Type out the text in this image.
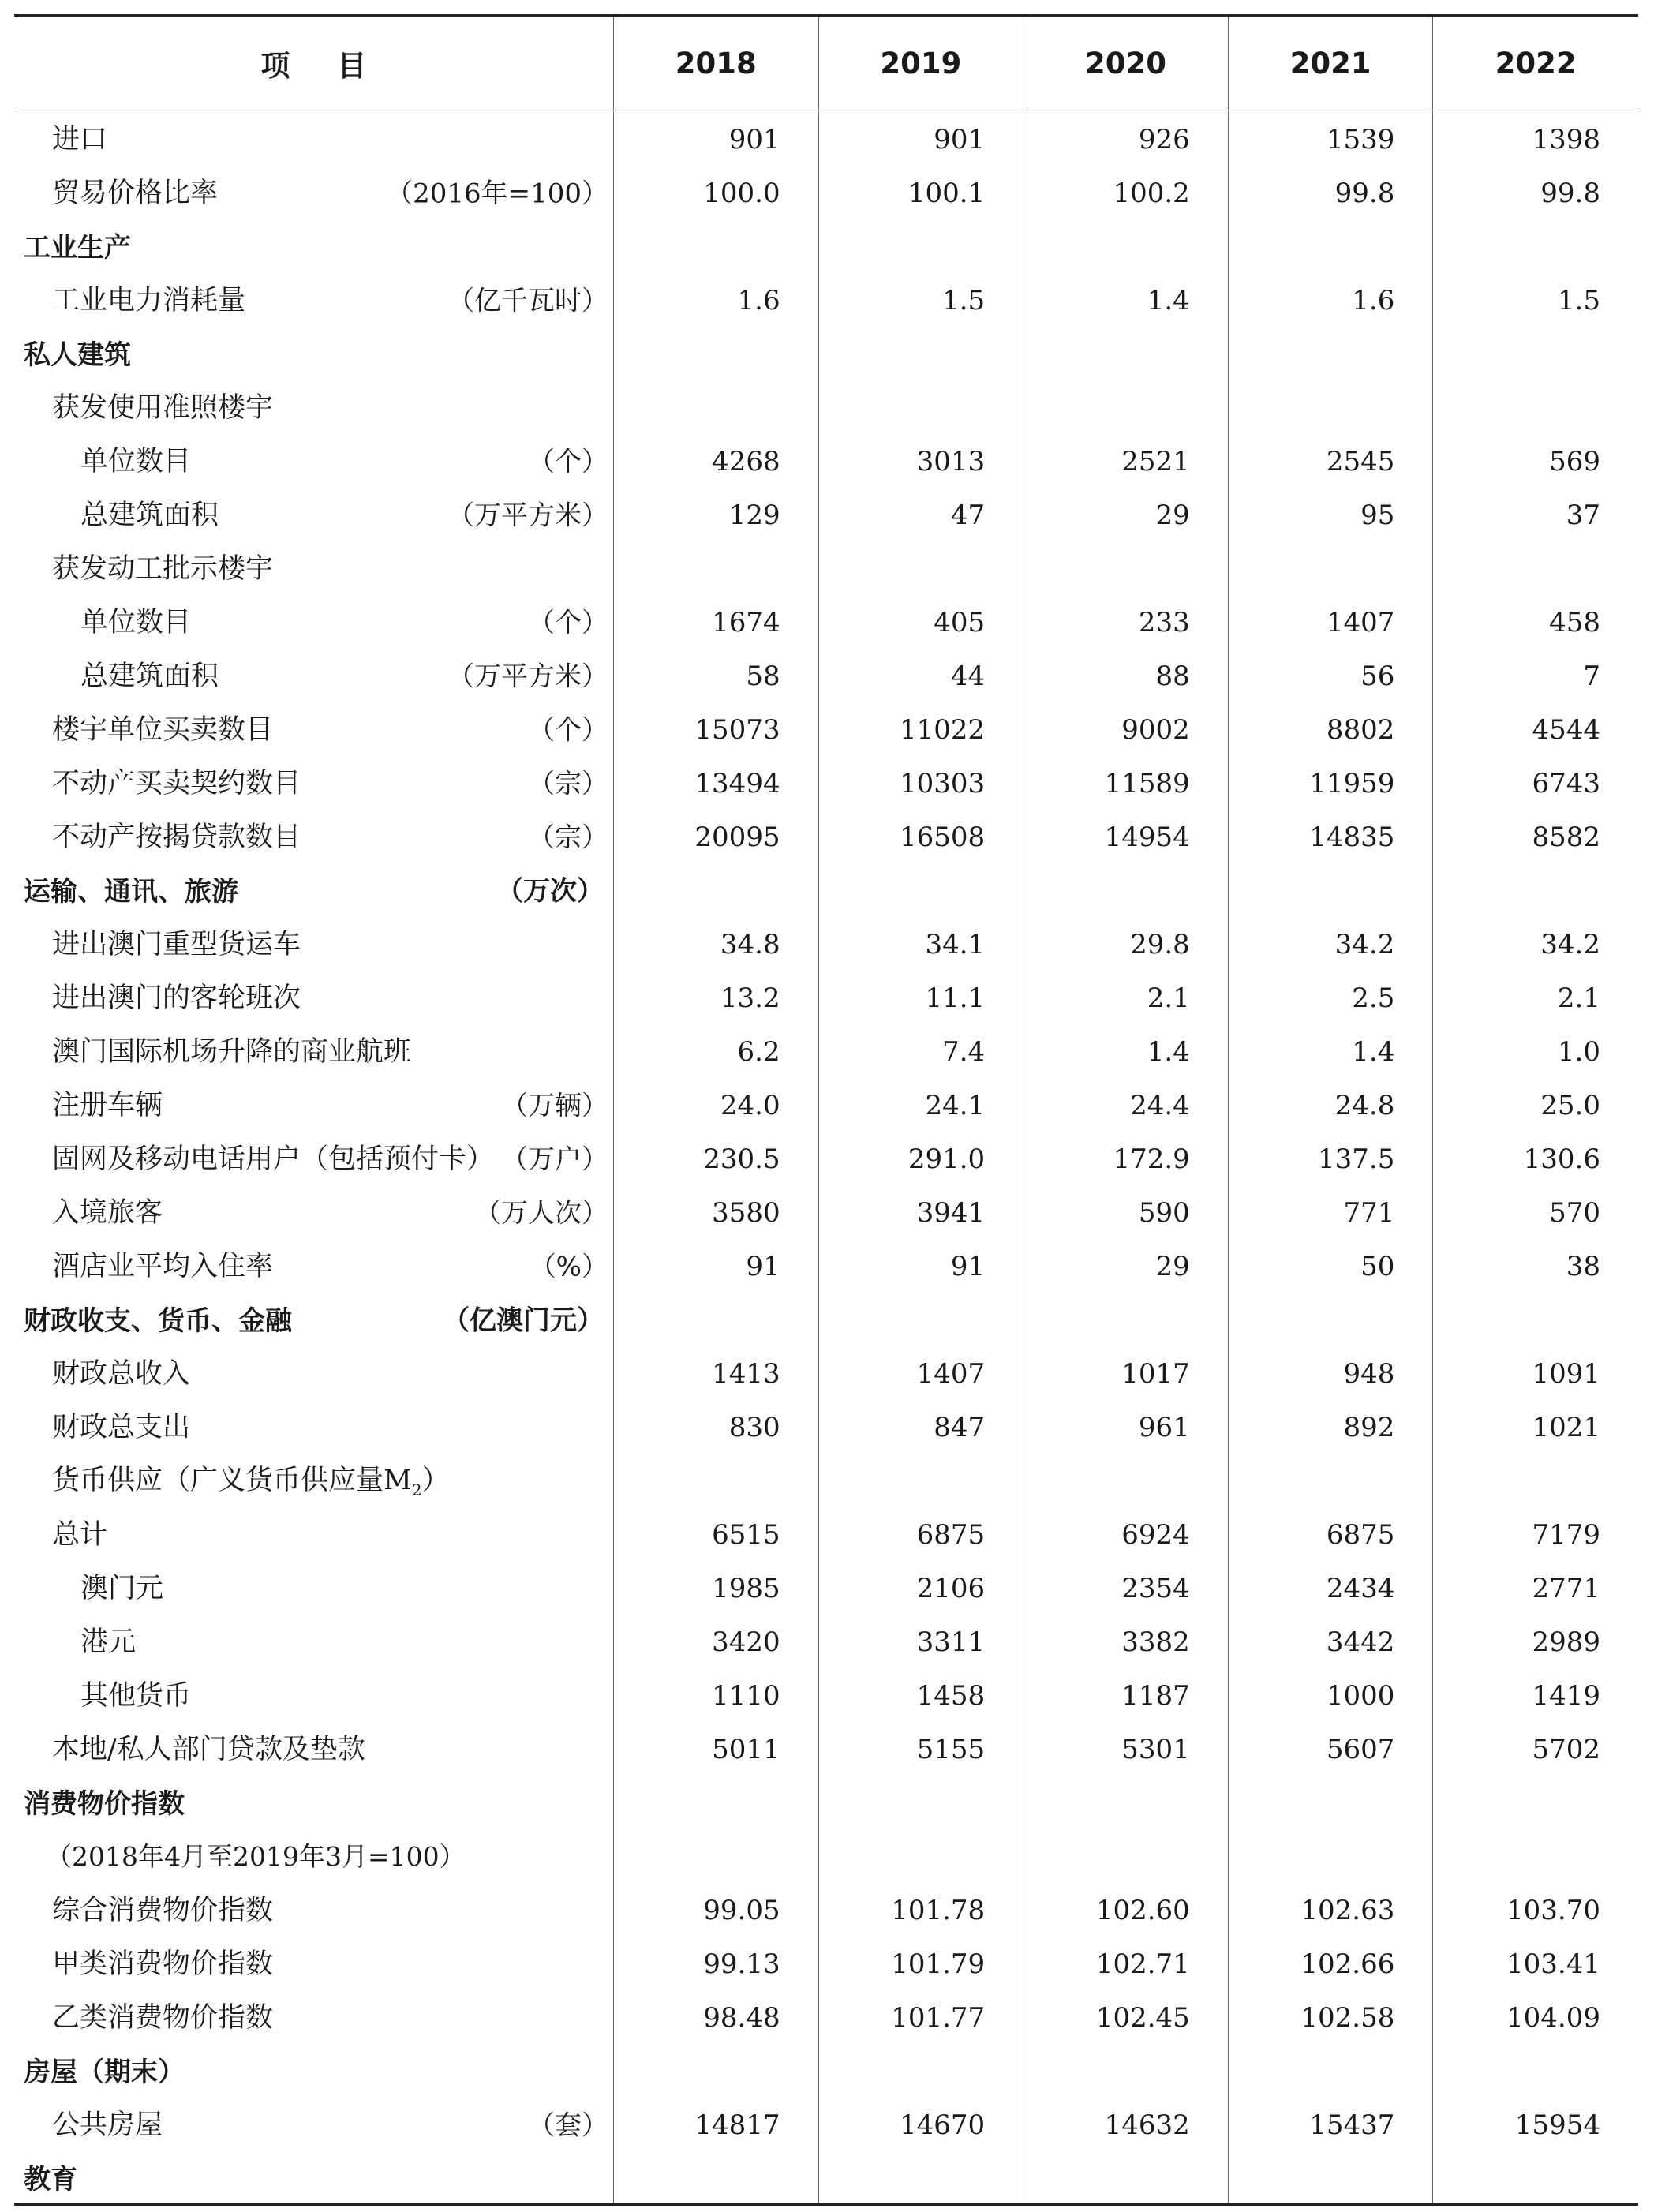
项目	2018	2019	2020	2021	2022
进口	901	901	926	1539	1398
贸易价格比率	（2016年=100）	100.0	100.1	100.2	99.8	99.8
工业生产
工业电力消耗量	（亿千瓦时）	1.6	1.5	1.4	1.6	1.5
私人建筑
获发使用准照楼宇
单位数目	（个）	4268	3013	2521	2545	569
总建筑面积	（万平方米）	129	47	29	95	37
获发动工批示楼宇
单位数目	（个）	1674	405	233	1407	458
总建筑面积	（万平方米）	58	44	88	56	7
楼宇单位买卖数目	（个）	15073	11022	9002	8802	4544
不动产买卖契约数目	（宗）	13494	10303	11589	11959	6743
不动产按揭贷款数目	（宗）	20095	16508	14954	14835	8582
运输、通讯、旅游	（万次）
进出澳门重型货运车	34.8	34.1	29.8	34.2	34.2
进出澳门的客轮班次	13.2	11.1	2.1	2.5	2.1
澳门国际机场升降的商业航班	6.2	7.4	1.4	1.4	1.0
注册车辆	（万辆）	24.0	24.1	24.4	24.8	25.0
固网及移动电话用户（包括预付卡） （万户）	230.5	291.0	172.9	137.5	130.6
入境旅客	（万人次）	3580	3941	590	771	570
酒店业平均入住率	（%）	91	91	29	50	38
财政收支、货币、金融	（亿澳门元）
财政总收入	1413	1407	1017	948	1091
财政总支出	830	847	961	892	1021
货币供应（广义货币供应量$M_2$）
总计	6515	6875	6924	6875	7179
澳门元	1985	2106	2354	2434	2771
港元	3420	3311	3382	3442	2989
其他货币	1110	1458	1187	1000	1419
本地/私人部门贷款及垫款	5011	5155	5301	5607	5702
消费物价指数
（2018年4月至2019年3月=100）
综合消费物价指数	99.05	101.78	102.60	102.63	103.70
甲类消费物价指数	99.13	101.79	102.71	102.66	103.41
乙类消费物价指数	98.48	101.77	102.45	102.58	104.09
房屋（期末）
公共房屋	（套）	14817	14670	14632	15437	15954
教育
